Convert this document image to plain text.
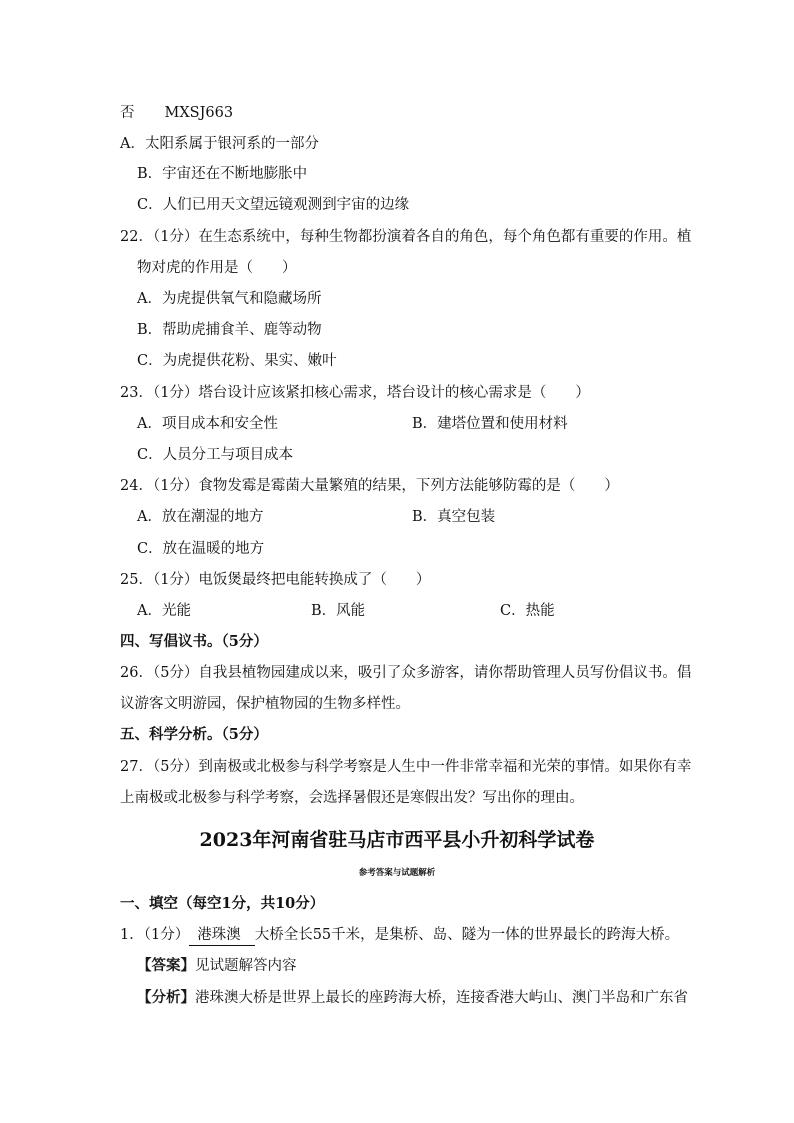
否 MXSJ663
A．太阳系属于银河系的一部分
B．宇宙还在不断地膨胀中
C．人们已用天文望远镜观测到宇宙的边缘
22．（1分）在生态系统中，每种生物都扮演着各自的角色，每个角色都有重要的作用。植
物对虎的作用是（　　）
A．为虎提供氧气和隐藏场所
B．帮助虎捕食羊、鹿等动物
C．为虎提供花粉、果实、嫩叶
23．（1分）塔台设计应该紧扣核心需求，塔台设计的核心需求是（　　）
A．项目成本和安全性	B．建塔位置和使用材料
C．人员分工与项目成本
24．（1分）食物发霉是霉菌大量繁殖的结果，下列方法能够防霉的是（　　）
A．放在潮湿的地方	B．真空包装
C．放在温暖的地方
25．（1分）电饭煲最终把电能转换成了（　　）
A．光能	B．风能	C．热能
四、写倡议书。（5分）
26．（5分）自我县植物园建成以来，吸引了众多游客，请你帮助管理人员写份倡议书。倡
议游客文明游园，保护植物园的生物多样性。
五、科学分析。（5分）
27．（5分）到南极或北极参与科学考察是人生中一件非常幸福和光荣的事情。如果你有幸
上南极或北极参与科学考察，会选择暑假还是寒假出发？写出你的理由。
2023年河南省驻马店市西平县小升初科学试卷
参考答案与试题解析
一、填空（每空1分，共10分）
1．（1分） 港珠澳 大桥全长55千米，是集桥、岛、隧为一体的世界最长的跨海大桥。
【答案】见试题解答内容
【分析】港珠澳大桥是世界上最长的座跨海大桥，连接香港大屿山、澳门半岛和广东省
